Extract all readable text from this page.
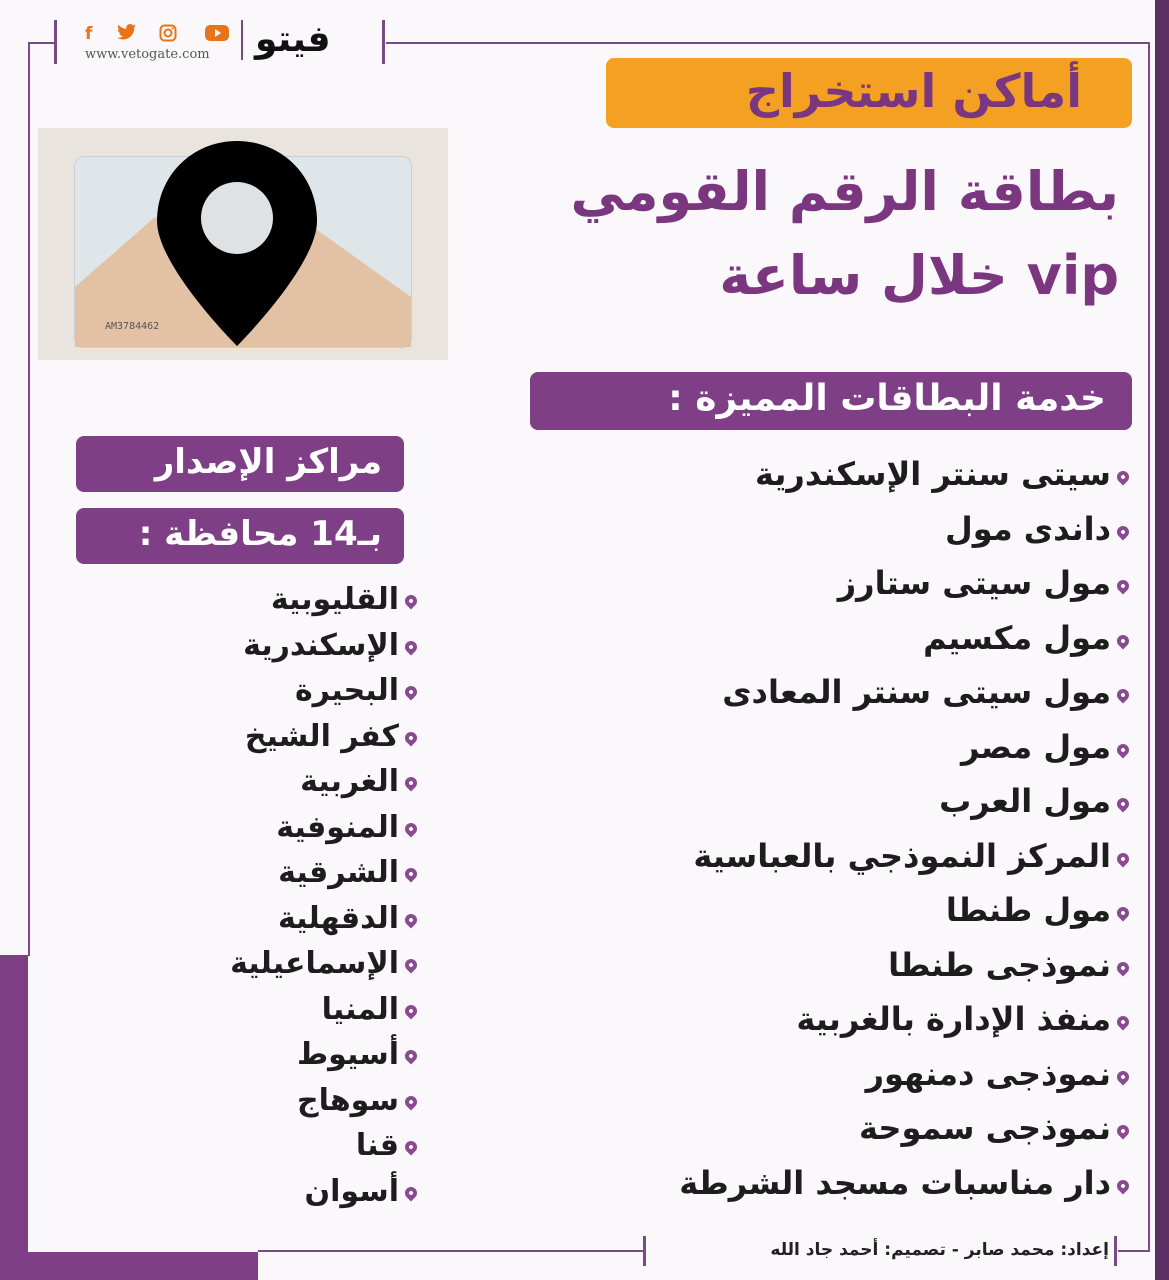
f
www.vetogate.com فيتو
أماكن استخراج
بطاقة الرقم القومي
vip خلال ساعة
AM3784462
خدمة البطاقات المميزة :
سيتى سنتر الإسكندرية
داندى مول
مول سيتى ستارز
مول مكسيم
مول سيتى سنتر المعادى
مول مصر
مول العرب
المركز النموذجي بالعباسية
مول طنطا
نموذجى طنطا
منفذ الإدارة بالغربية
نموذجى دمنهور
نموذجى سموحة
دار مناسبات مسجد الشرطة
مراكز الإصدار
بـ14 محافظة :
القليوبية
الإسكندرية
البحيرة
كفر الشيخ
الغربية
المنوفية
الشرقية
الدقهلية
الإسماعيلية
المنيا
أسيوط
سوهاج
قنا
أسوان
إعداد: محمد صابر - تصميم: أحمد جاد الله
